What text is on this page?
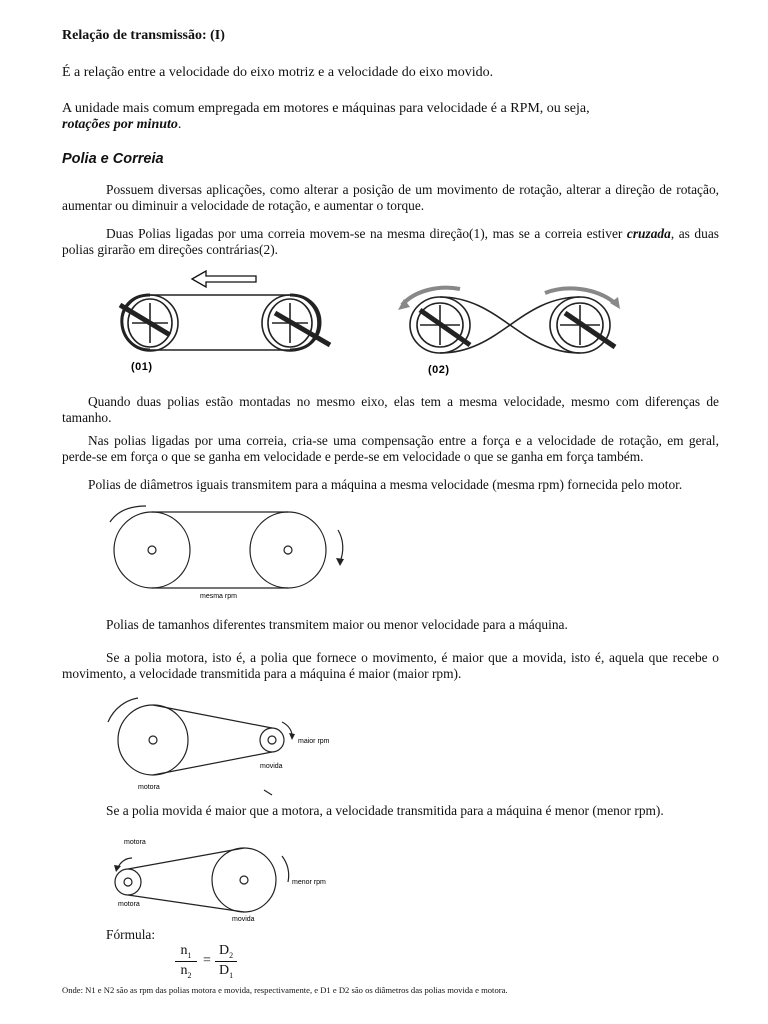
Relação de transmissão: (I)
É a relação entre a velocidade do eixo motriz e a velocidade do eixo movido.
A unidade mais comum empregada em motores e máquinas para velocidade é a RPM, ou seja,
rotações por minuto.
Polia e Correia
Possuem diversas aplicações, como alterar a posição de um movimento de rotação, alterar a direção de rotação, aumentar ou diminuir a velocidade de rotação, e aumentar o torque.
Duas Polias ligadas por uma correia movem-se na mesma direção(1), mas se a correia estiver cruzada, as duas polias girarão em direções contrárias(2).
(01)	(02)
Quando duas polias estão montadas no mesmo eixo, elas tem a mesma velocidade, mesmo com diferenças de tamanho.
Nas polias ligadas por uma correia, cria-se uma compensação entre a força e a velocidade de rotação, em geral, perde-se em força o que se ganha em velocidade e perde-se em velocidade o que se ganha em força também.
Polias de diâmetros iguais transmitem para a máquina a mesma velocidade (mesma rpm) fornecida pelo motor.
mesma rpm
Polias de tamanhos diferentes transmitem maior ou menor velocidade para a máquina.
Se a polia motora, isto é, a polia que fornece o movimento, é maior que a movida, isto é, aquela que recebe o movimento, a velocidade transmitida para a máquina é maior (maior rpm).
maior rpm
movida
motora
Se a polia movida é maior que a motora, a velocidade transmitida para a máquina é menor (menor rpm).
motora
menor rpm
motora
movida
Fórmula:
$n_1$
$n_2$
=
$D_2$
$D_1$
Onde: N1 e N2 são as rpm das polias motora e movida, respectivamente, e D1 e D2 são os diâmetros das polias movida e motora.
